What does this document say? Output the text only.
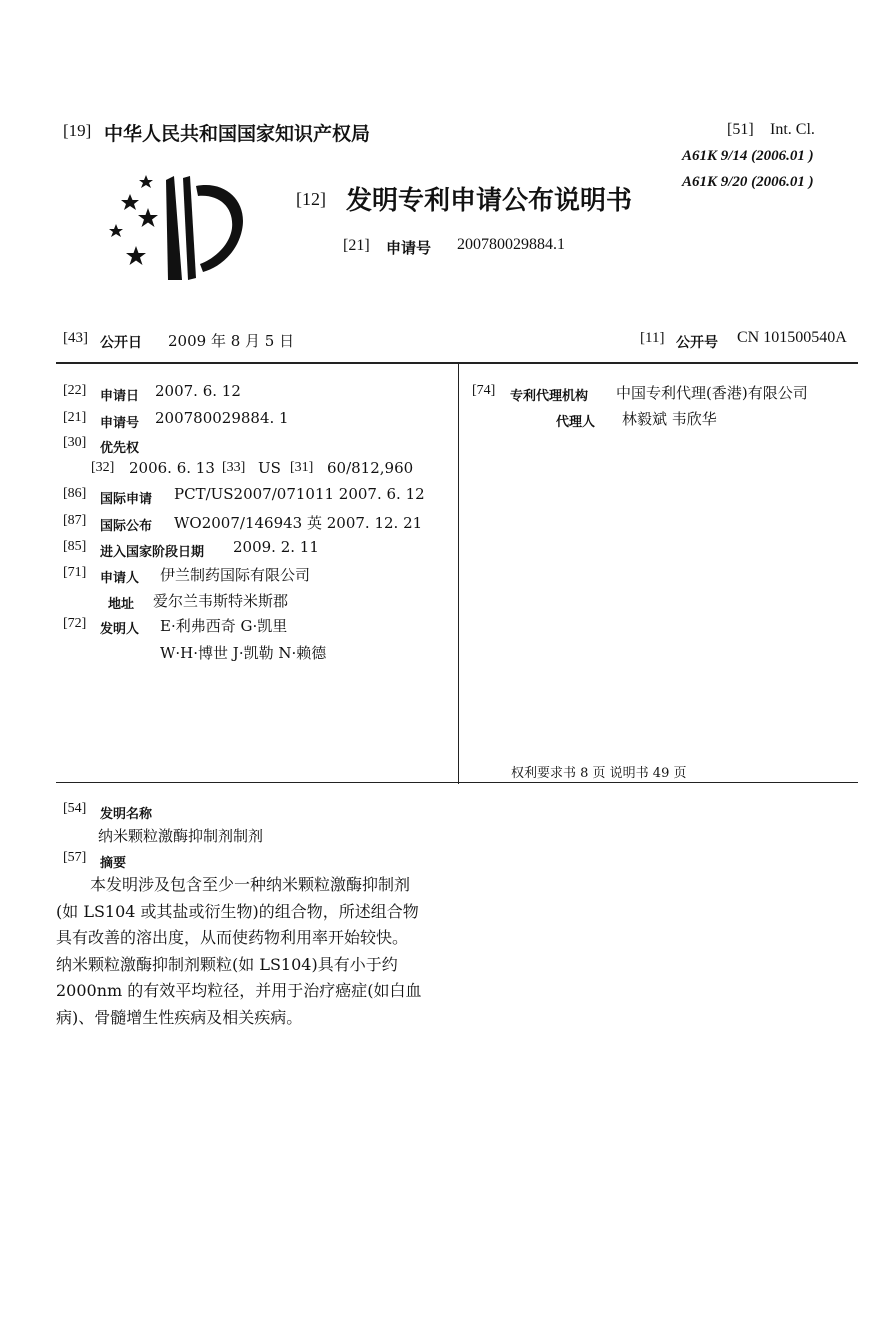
[19] 中华人民共和国国家知识产权局
[12] 发明专利申请公布说明书
[21] 申请号 200780029884.1
[51] Int. Cl.
A61K 9/14 (2006.01 )
A61K 9/20 (2006.01 )
[43] 公开日 2009 年 8 月 5 日	[11] 公开号 CN 101500540A
[22] 申请日 2007. 6. 12
[21] 申请号 200780029884. 1
[30] 优先权
[32] 2006. 6. 13 [33] US [31] 60/812,960
[86] 国际申请 PCT/US2007/071011 2007. 6. 12
[87] 国际公布 WO2007/146943 英 2007. 12. 21
[85] 进入国家阶段日期 2009. 2. 11
[71] 申请人 伊兰制药国际有限公司
地址 爱尔兰韦斯特米斯郡
[72] 发明人 E·利弗西奇 G·凯里
W·H·博世 J·凯勒 N·赖德
[74] 专利代理机构 中国专利代理(香港)有限公司
代理人 林毅斌 韦欣华
权利要求书 8 页 说明书 49 页
[54] 发明名称
纳米颗粒激酶抑制剂制剂
[57] 摘要

本发明涉及包含至少一种纳米颗粒激酶抑制剂

(如 LS104 或其盐或衍生物)的组合物，所述组合物

具有改善的溶出度，从而使药物利用率开始较快。

纳米颗粒激酶抑制剂颗粒(如 LS104)具有小于约

2000nm 的有效平均粒径，并用于治疗癌症(如白血

病)、骨髓增生性疾病及相关疾病。
